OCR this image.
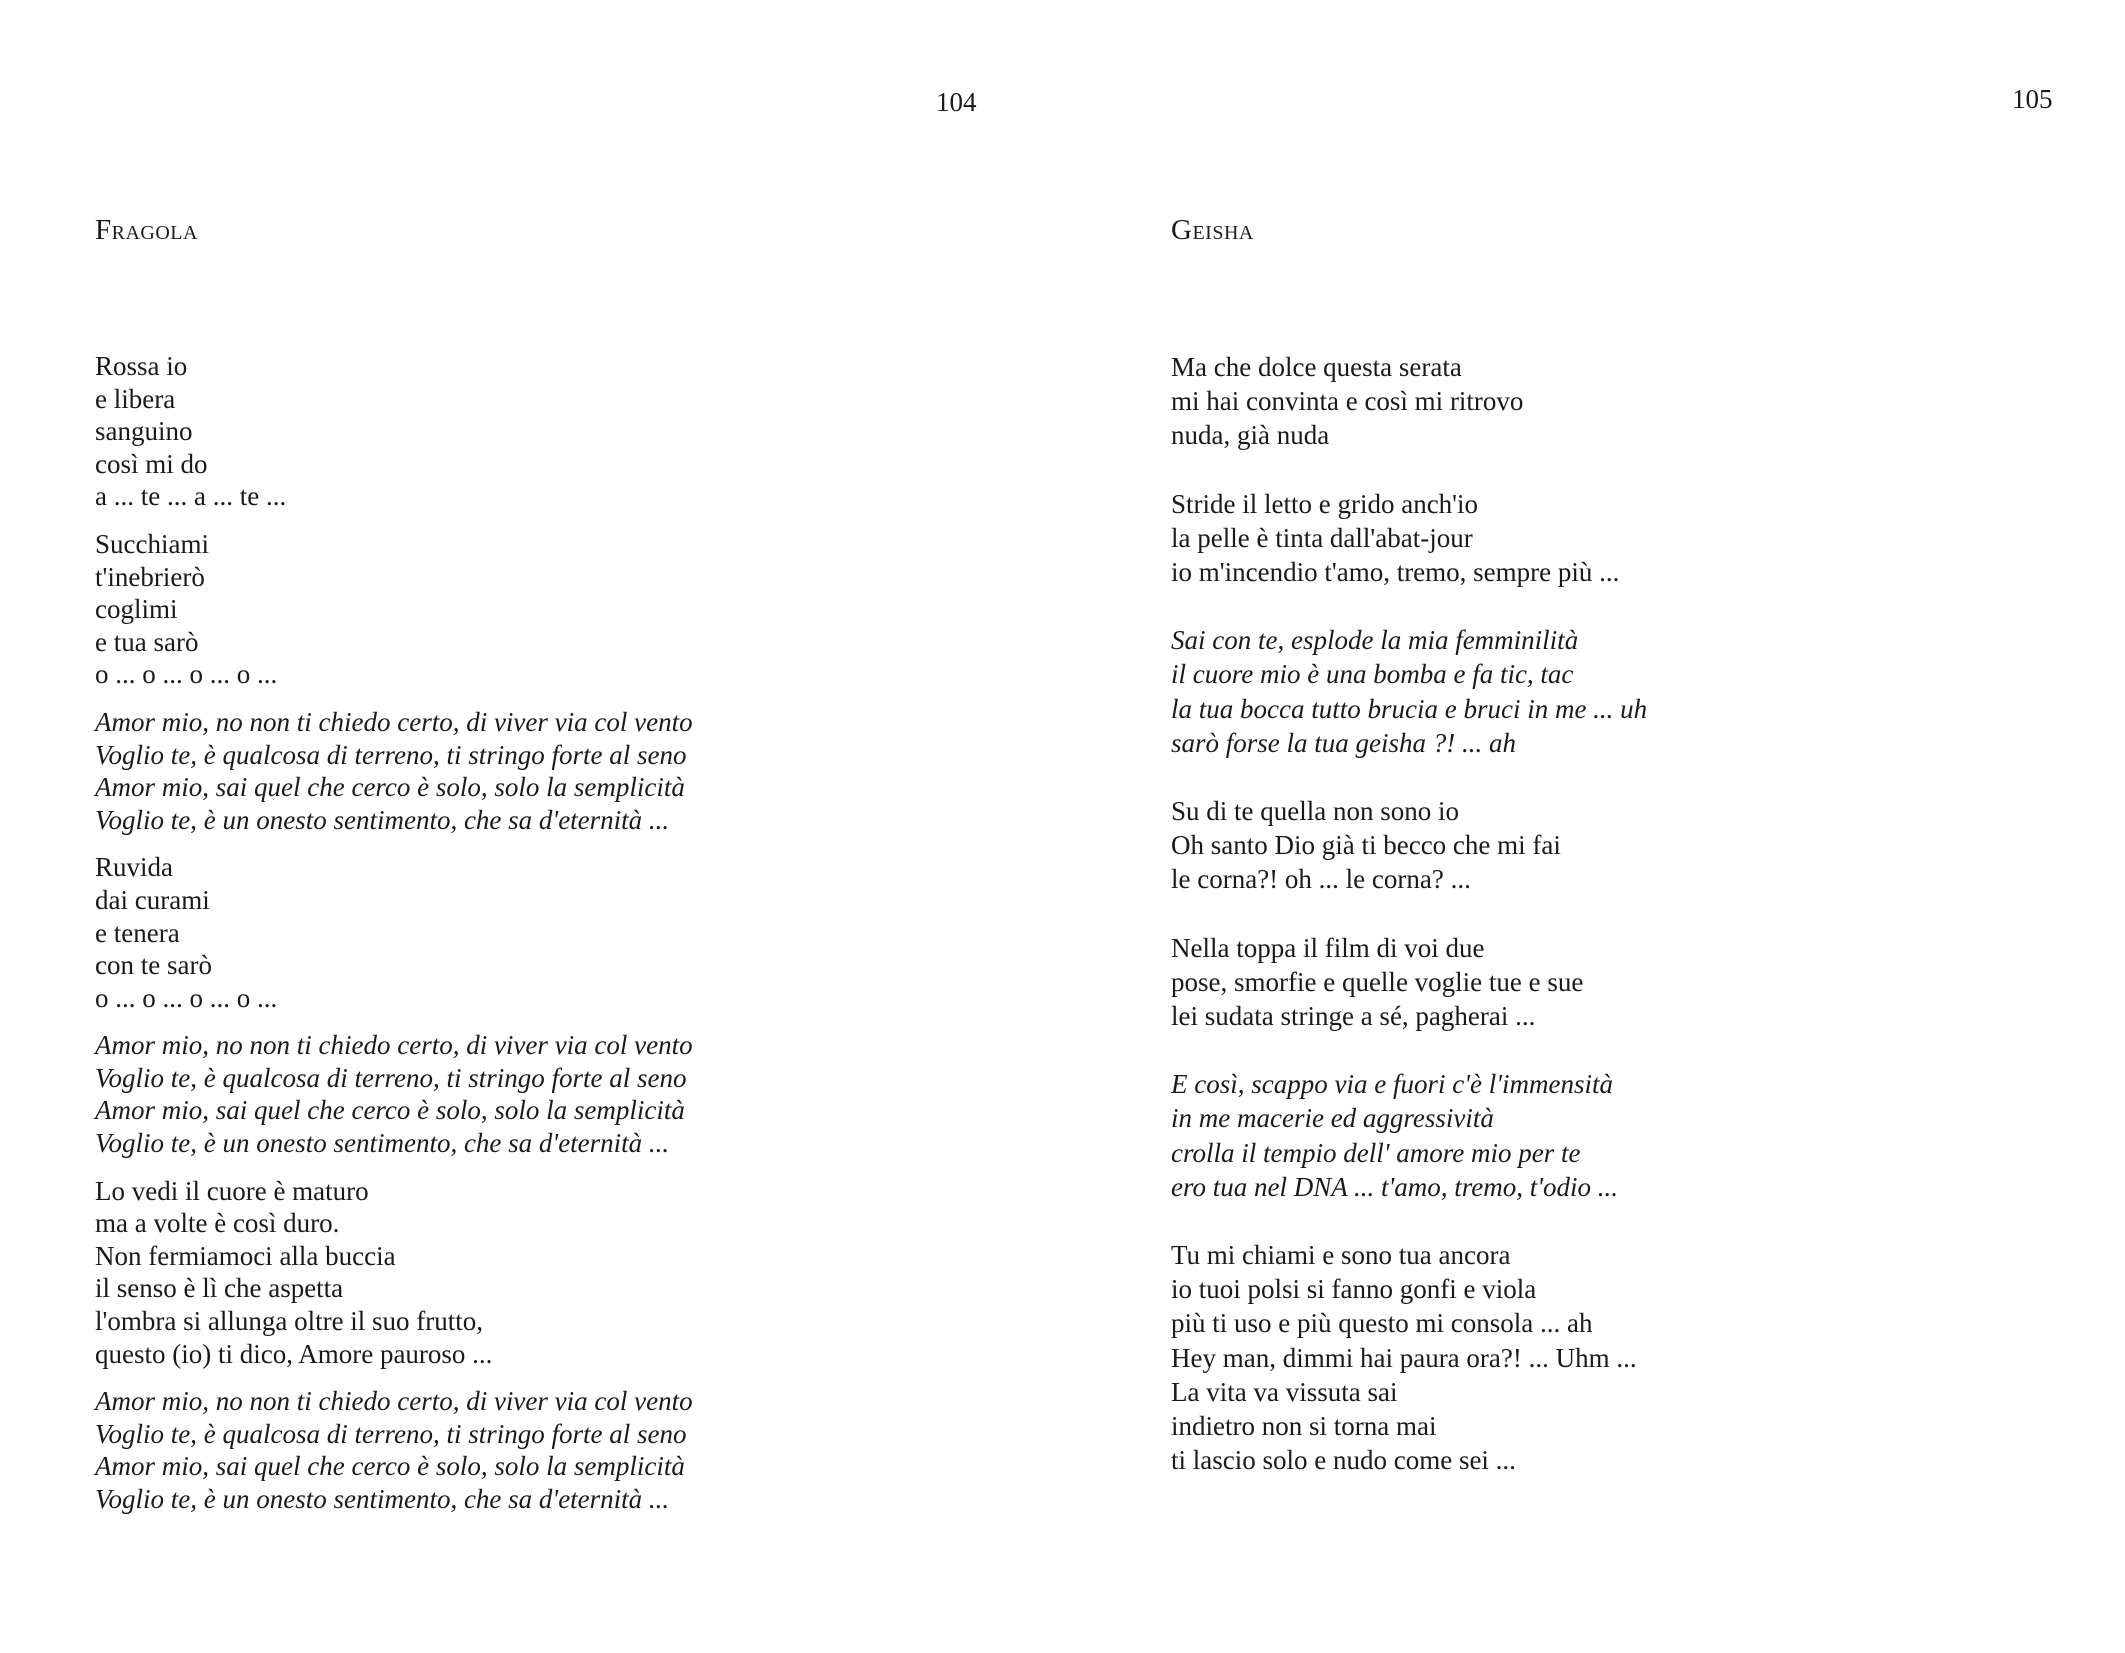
104
Fragola
Rossa io
e libera
sanguino
così mi do
a ... te ... a ... te ...
Succhiami
t'inebrierò
coglimi
e tua sarò
o ... o ... o ... o ...
Amor mio, no non ti chiedo certo, di viver via col vento
Voglio te, è qualcosa di terreno, ti stringo forte al seno
Amor mio, sai quel che cerco è solo, solo la semplicità
Voglio te, è un onesto sentimento, che sa d'eternità ...
Ruvida
dai curami
e tenera
con te sarò
o ... o ... o ... o ...
Amor mio, no non ti chiedo certo, di viver via col vento
Voglio te, è qualcosa di terreno, ti stringo forte al seno
Amor mio, sai quel che cerco è solo, solo la semplicità
Voglio te, è un onesto sentimento, che sa d'eternità ...
Lo vedi il cuore è maturo
ma a volte è così duro.
Non fermiamoci alla buccia
il senso è lì che aspetta
l'ombra si allunga oltre il suo frutto,
questo (io) ti dico, Amore pauroso ...
Amor mio, no non ti chiedo certo, di viver via col vento
Voglio te, è qualcosa di terreno, ti stringo forte al seno
Amor mio, sai quel che cerco è solo, solo la semplicità
Voglio te, è un onesto sentimento, che sa d'eternità ...
105
Geisha
Ma che dolce questa serata
mi hai convinta e così mi ritrovo
nuda, già nuda
Stride il letto e grido anch'io
la pelle è tinta dall'abat-jour
io m'incendio t'amo, tremo, sempre più ...
Sai con te, esplode la mia femminilità
il cuore mio è una bomba e fa tic, tac
la tua bocca tutto brucia e bruci in me ... uh
sarò forse la tua geisha ?! ... ah
Su di te quella non sono io
Oh santo Dio già ti becco che mi fai
le corna?! oh ... le corna? ...
Nella toppa il film di voi due
pose, smorfie e quelle voglie tue e sue
lei sudata stringe a sé, pagherai ...
E così, scappo via e fuori c'è l'immensità
in me macerie ed aggressività
crolla il tempio dell' amore mio per te
ero tua nel DNA ... t'amo, tremo, t'odio ...
Tu mi chiami e sono tua ancora
io tuoi polsi si fanno gonfi e viola
più ti uso e più questo mi consola ... ah
Hey man, dimmi hai paura ora?! ... Uhm ...
La vita va vissuta sai
indietro non si torna mai
ti lascio solo e nudo come sei ...
